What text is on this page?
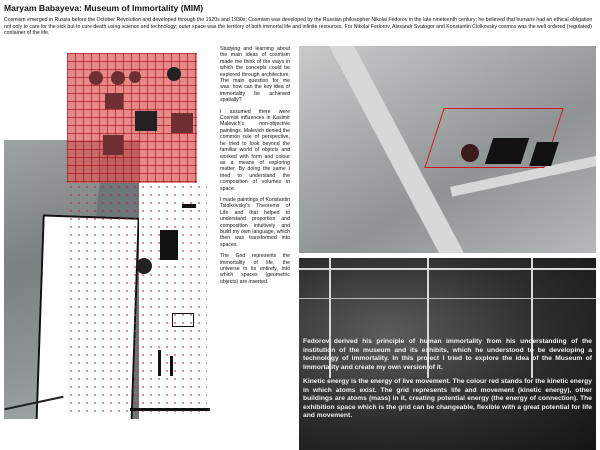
Maryam Babayeva: Museum of Immortality (MIM)
Cosmism emerged in Russia before the October Revolution and developed through the 1920s and 1930s; Cosmism was developed by the Russian philosopher Nikolai Fedorov in the late nineteenth century; he believed that humans had an ethical obligation not only to care for the sick but to cure death using science and technology; outer space was the territory of both immortal life and infinite resources. For Nikolai Fedorov, Alexandr Svatogor and Konstantin Ciolkovsky cosmos was the well ordered (regulated) container of the life.

Studying and learning about the main ideas of cosmism made me think of the ways in which the concepts could be explored through architecture. The main question for me was: how can the key idea of immortality be achieved spatially?

I assumed there were Cosmist influences in Kasimir Malevich's non-objective paintings. Malevich denied the common rule of perspective, he tried to look beyond the familiar world of objects and worked with form and colour as a means of exploring matter. By doing the same I tried to understand the composition of volumes in space.

I made paintings of Konstantin Tsiolkovsky's Theorems of Life and that helped to understand proportion and composition intuitively and build my own language, which then was transformed into spaces.

The Grid represents the immortality of life, the universe in its entirety, into which spaces (geometric objects) are inserted.

Fedorov derived his principle of human immortality from his understanding of the institution of the museum and its exhibits, which he understood to be developing a technology of immortality. In this project I tried to explore the idea of the Museum of Immortality and create my own version of it.

Kinetic energy is the energy of live movement. The colour red stands for the kinetic energy in which atoms exist. The grid represents life and movement (kinetic energy), other buildings are atoms (mass) in it, creating potential energy (the energy of connection). The exhibition space which is the grid can be changeable, flexible with a great potential for life and movement.
